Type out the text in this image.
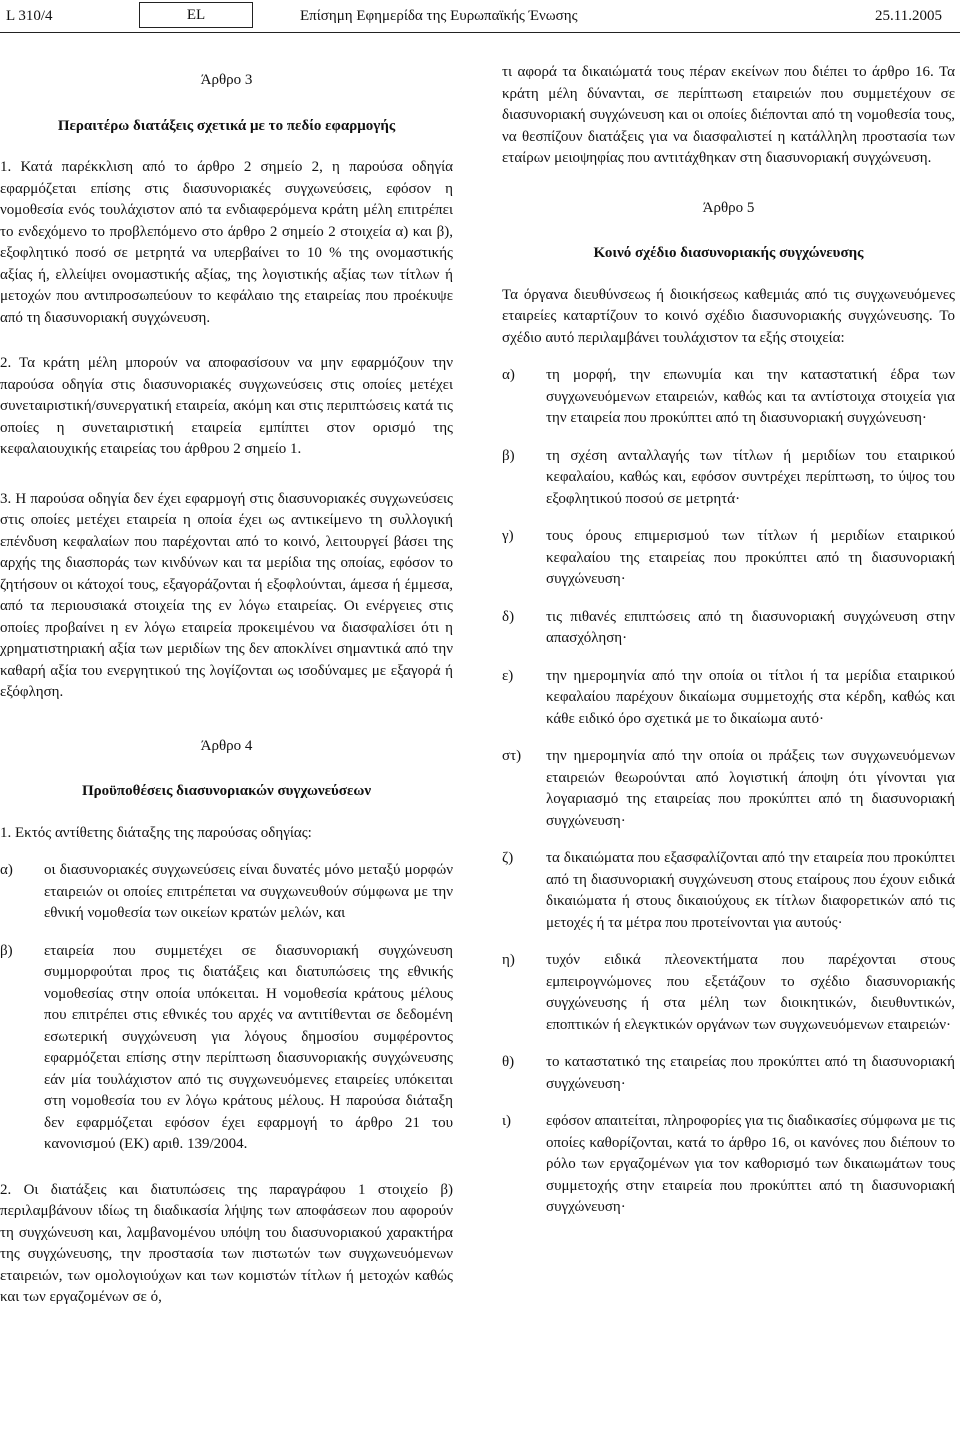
L 310/4	EL	Επίσημη Εφημερίδα της Ευρωπαϊκής Ένωσης	25.11.2005
Άρθρο 3
Περαιτέρω διατάξεις σχετικά με το πεδίο εφαρμογής

1. Κατά παρέκκλιση από το άρθρο 2 σημείο 2, η παρούσα οδηγία εφαρμόζεται επίσης στις διασυνοριακές συγχωνεύσεις, εφόσον η νομοθεσία ενός τουλάχιστον από τα ενδιαφερόμενα κράτη μέλη επιτρέπει το ενδεχόμενο το προβλεπόμενο στο άρθρο 2 σημείο 2 στοιχεία α) και β), εξοφλητικό ποσό σε μετρητά να υπερβαίνει το 10 % της ονομαστικής αξίας ή, ελλείψει ονομαστικής αξίας, της λογιστικής αξίας των τίτλων ή μετοχών που αντιπροσωπεύουν το κεφάλαιο της εταιρείας που προέκυψε από τη διασυνοριακή συγχώνευση.

2. Τα κράτη μέλη μπορούν να αποφασίσουν να μην εφαρμόζουν την παρούσα οδηγία στις διασυνοριακές συγχωνεύσεις στις οποίες μετέχει συνεταιριστική/συνεργατική εταιρεία, ακόμη και στις περιπτώσεις κατά τις οποίες η συνεταιριστική εταιρεία εμπίπτει στον ορισμό της κεφαλαιουχικής εταιρείας του άρθρου 2 σημείο 1.

3. Η παρούσα οδηγία δεν έχει εφαρμογή στις διασυνοριακές συγχωνεύσεις στις οποίες μετέχει εταιρεία η οποία έχει ως αντικείμενο τη συλλογική επένδυση κεφαλαίων που παρέχονται από το κοινό, λειτουργεί βάσει της αρχής της διασποράς των κινδύνων και τα μερίδια της οποίας, εφόσον το ζητήσουν οι κάτοχοί τους, εξαγοράζονται ή εξοφλούνται, άμεσα ή έμμεσα, από τα περιουσιακά στοιχεία της εν λόγω εταιρείας. Οι ενέργειες στις οποίες προβαίνει η εν λόγω εταιρεία προκειμένου να διασφαλίσει ότι η χρηματιστηριακή αξία των μεριδίων της δεν αποκλίνει σημαντικά από την καθαρή αξία του ενεργητικού της λογίζονται ως ισοδύναμες με εξαγορά ή εξόφληση.

Άρθρο 4
Προϋποθέσεις διασυνοριακών συγχωνεύσεων

1. Εκτός αντίθετης διάταξης της παρούσας οδηγίας:

α) οι διασυνοριακές συγχωνεύσεις είναι δυνατές μόνο μεταξύ μορφών εταιρειών οι οποίες επιτρέπεται να συγχωνευθούν σύμφωνα με την εθνική νομοθεσία των οικείων κρατών μελών, και
β) εταιρεία που συμμετέχει σε διασυνοριακή συγχώνευση συμμορφούται προς τις διατάξεις και διατυπώσεις της εθνικής νομοθεσίας στην οποία υπόκειται. Η νομοθεσία κράτους μέλους που επιτρέπει στις εθνικές του αρχές να αντιτίθενται σε δεδομένη εσωτερική συγχώνευση για λόγους δημοσίου συμφέροντος εφαρμόζεται επίσης στην περίπτωση διασυνοριακής συγχώνευσης εάν μία τουλάχιστον από τις συγχωνευόμενες εταιρείες υπόκειται στη νομοθεσία του εν λόγω κράτους μέλους. Η παρούσα διάταξη δεν εφαρμόζεται εφόσον έχει εφαρμογή το άρθρο 21 του κανονισμού (ΕΚ) αριθ. 139/2004.

2. Οι διατάξεις και διατυπώσεις της παραγράφου 1 στοιχείο β) περιλαμβάνουν ιδίως τη διαδικασία λήψης των αποφάσεων που αφορούν τη συγχώνευση και, λαμβανομένου υπόψη του διασυνοριακού χαρακτήρα της συγχώνευσης, την προστασία των πιστωτών των συγχωνευόμενων εταιρειών, των ομολογιούχων και των κομιστών τίτλων ή μετοχών καθώς και των εργαζομένων σε ό,

τι αφορά τα δικαιώματά τους πέραν εκείνων που διέπει το άρθρο 16. Τα κράτη μέλη δύνανται, σε περίπτωση εταιρειών που συμμετέχουν σε διασυνοριακή συγχώνευση και οι οποίες διέπονται από τη νομοθεσία τους, να θεσπίζουν διατάξεις για να διασφαλιστεί η κατάλληλη προστασία των εταίρων μειοψηφίας που αντιτάχθηκαν στη διασυνοριακή συγχώνευση.

Άρθρο 5
Κοινό σχέδιο διασυνοριακής συγχώνευσης

Τα όργανα διευθύνσεως ή διοικήσεως καθεμιάς από τις συγχωνευόμενες εταιρείες καταρτίζουν το κοινό σχέδιο διασυνοριακής συγχώνευσης. Το σχέδιο αυτό περιλαμβάνει τουλάχιστον τα εξής στοιχεία:

α) τη μορφή, την επωνυμία και την καταστατική έδρα των συγχωνευόμενων εταιρειών, καθώς και τα αντίστοιχα στοιχεία για την εταιρεία που προκύπτει από τη διασυνοριακή συγχώνευση·
β) τη σχέση ανταλλαγής των τίτλων ή μεριδίων του εταιρικού κεφαλαίου, καθώς και, εφόσον συντρέχει περίπτωση, το ύψος του εξοφλητικού ποσού σε μετρητά·
γ) τους όρους επιμερισμού των τίτλων ή μεριδίων εταιρικού κεφαλαίου της εταιρείας που προκύπτει από τη διασυνοριακή συγχώνευση·
δ) τις πιθανές επιπτώσεις από τη διασυνοριακή συγχώνευση στην απασχόληση·
ε) την ημερομηνία από την οποία οι τίτλοι ή τα μερίδια εταιρικού κεφαλαίου παρέχουν δικαίωμα συμμετοχής στα κέρδη, καθώς και κάθε ειδικό όρο σχετικά με το δικαίωμα αυτό·
στ) την ημερομηνία από την οποία οι πράξεις των συγχωνευόμενων εταιρειών θεωρούνται από λογιστική άποψη ότι γίνονται για λογαριασμό της εταιρείας που προκύπτει από τη διασυνοριακή συγχώνευση·
ζ) τα δικαιώματα που εξασφαλίζονται από την εταιρεία που προκύπτει από τη διασυνοριακή συγχώνευση στους εταίρους που έχουν ειδικά δικαιώματα ή στους δικαιούχους εκ τίτλων διαφορετικών από τις μετοχές ή τα μέτρα που προτείνονται για αυτούς·
η) τυχόν ειδικά πλεονεκτήματα που παρέχονται στους εμπειρογνώμονες που εξετάζουν το σχέδιο διασυνοριακής συγχώνευσης ή στα μέλη των διοικητικών, διευθυντικών, εποπτικών ή ελεγκτικών οργάνων των συγχωνευόμενων εταιρειών·
θ) το καταστατικό της εταιρείας που προκύπτει από τη διασυνοριακή συγχώνευση·
ι) εφόσον απαιτείται, πληροφορίες για τις διαδικασίες σύμφωνα με τις οποίες καθορίζονται, κατά το άρθρο 16, οι κανόνες που διέπουν το ρόλο των εργαζομένων για τον καθορισμό των δικαιωμάτων τους συμμετοχής στην εταιρεία που προκύπτει από τη διασυνοριακή συγχώνευση·
